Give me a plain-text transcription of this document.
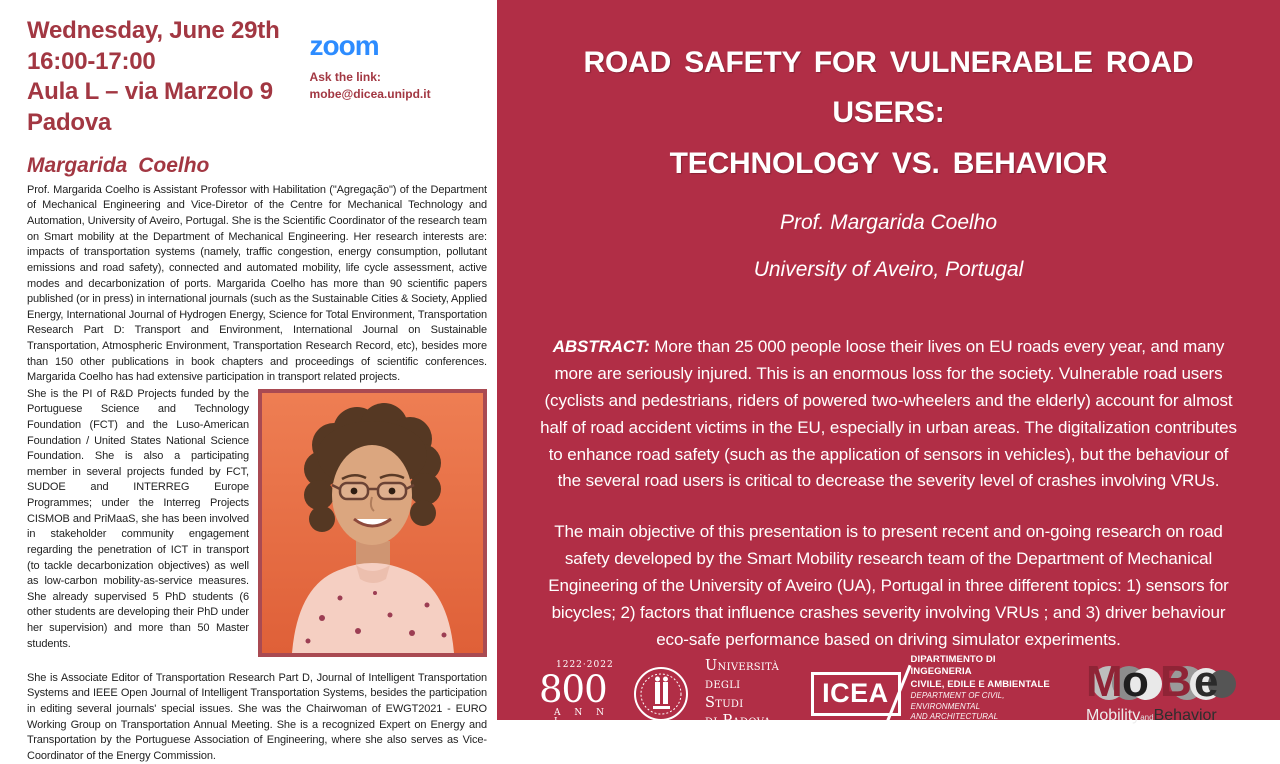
Wednesday, June 29th
16:00-17:00
Aula L – via Marzolo 9
Padova
zoom
Ask the link:
mobe@dicea.unipd.it
Margarida Coelho

Prof. Margarida Coelho is Assistant Professor with Habilitation ("Agregação") of the Department of Mechanical Engineering and Vice-Diretor of the Centre for Mechanical Technology and Automation, University of Aveiro, Portugal. She is the Scientific Coordinator of the research team on Smart mobility at the Department of Mechanical Engineering. Her research interests are: impacts of transportation systems (namely, traffic congestion, energy consumption, pollutant emissions and road safety), connected and automated mobility, life cycle assessment, active modes and decarbonization of ports. Margarida Coelho has more than 90 scientific papers published (or in press) in international journals (such as the Sustainable Cities & Society, Applied Energy, International Journal of Hydrogen Energy, Science for Total Environment, Transportation Research Part D: Transport and Environment, International Journal on Sustainable Transportation, Atmospheric Environment, Transportation Research Record, etc), besides more than 150 other publications in book chapters and proceedings of scientific conferences. Margarida Coelho has had extensive participation in transport related projects.

She is the PI of R&D Projects funded by the Portuguese Science and Technology Foundation (FCT) and the Luso-American Foundation / United States National Science Foundation. She is also a participating member in several projects funded by FCT, SUDOE and INTERREG Europe Programmes; under the Interreg Projects CISMOB and PriMaaS, she has been involved in stakeholder community engagement regarding the penetration of ICT in transport (to tackle decarbonization objectives) as well as low-carbon mobility-as-service measures. She already supervised 5 PhD students (6 other students are developing their PhD under her supervision) and more than 50 Master students.

She is Associate Editor of Transportation Research Part D, Journal of Intelligent Transportation Systems and IEEE Open Journal of Intelligent Transportation Systems, besides the participation in editing several journals' special issues. She was the Chairwoman of EWGT2021 - EURO Working Group on Transportation Annual Meeting. She is a recognized Expert on Energy and Transportation by the Portuguese Association of Engineering, where she also serves as Vice-Coordinator of the Energy Commission.

ROAD SAFETY FOR VULNERABLE ROAD USERS:
TECHNOLOGY VS. BEHAVIOR
Prof. Margarida Coelho
University of Aveiro, Portugal
ABSTRACT: More than 25 000 people loose their lives on EU roads every year, and many more are seriously injured. This is an enormous loss for the society. Vulnerable road users (cyclists and pedestrians, riders of powered two-wheelers and the elderly) account for almost half of road accident victims in the EU, especially in urban areas. The digitalization contributes to enhance road safety (such as the application of sensors in vehicles), but the behaviour of the several road users is critical to decrease the severity level of crashes involving VRUs.
The main objective of this presentation is to present recent and on-going research on road safety developed by the Smart Mobility research team of the Department of Mechanical Engineering of the University of Aveiro (UA), Portugal in three different topics: 1) sensors for bicycles; 2) factors that influence crashes severity involving VRUs ; and 3) driver behaviour eco-safe performance based on driving simulator experiments.
1222·2022
800
A N N I
Università
degli Studi
di Padova
ICEA
DIPARTIMENTO DI INGEGNERIA
CIVILE, EDILE E AMBIENTALE
DEPARTMENT OF CIVIL, ENVIRONMENTAL
AND ARCHITECTURAL ENGINEERING
M o B e
MobilityandBehavior
